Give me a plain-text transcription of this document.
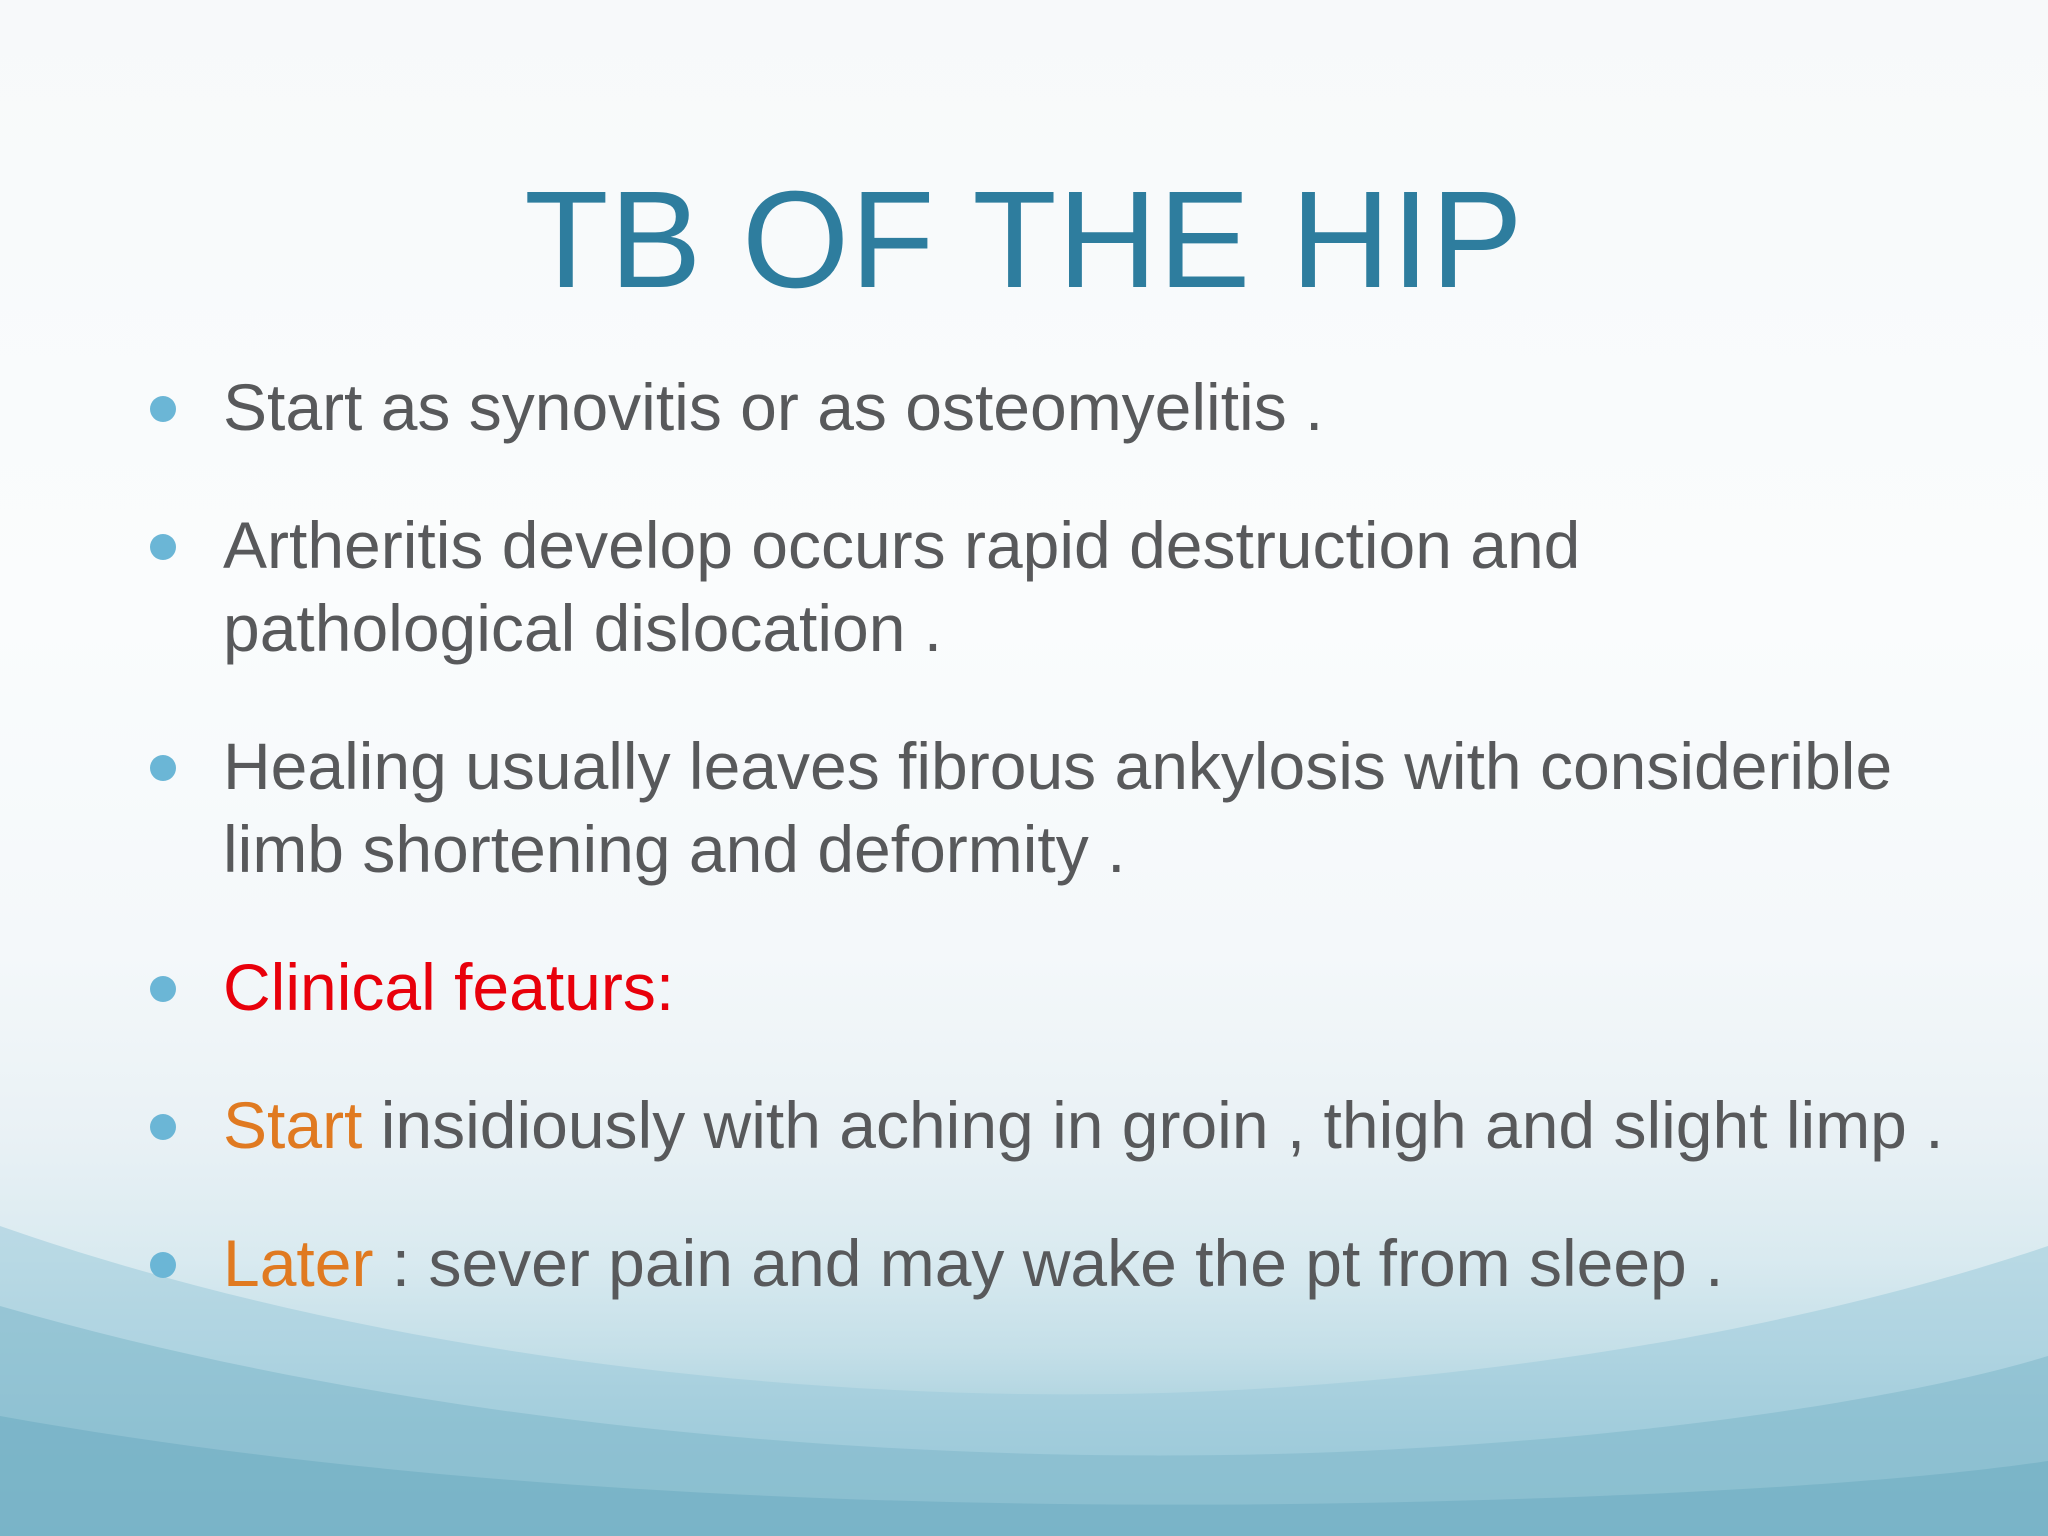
TB OF THE HIP
Start as synovitis or as osteomyelitis .
Artheritis develop occurs rapid destruction and pathological dislocation .
Healing usually leaves fibrous ankylosis with considerible limb shortening and deformity .
Clinical featurs:
Start insidiously with aching in groin , thigh and slight limp .
Later : sever pain and may wake the pt from sleep .
